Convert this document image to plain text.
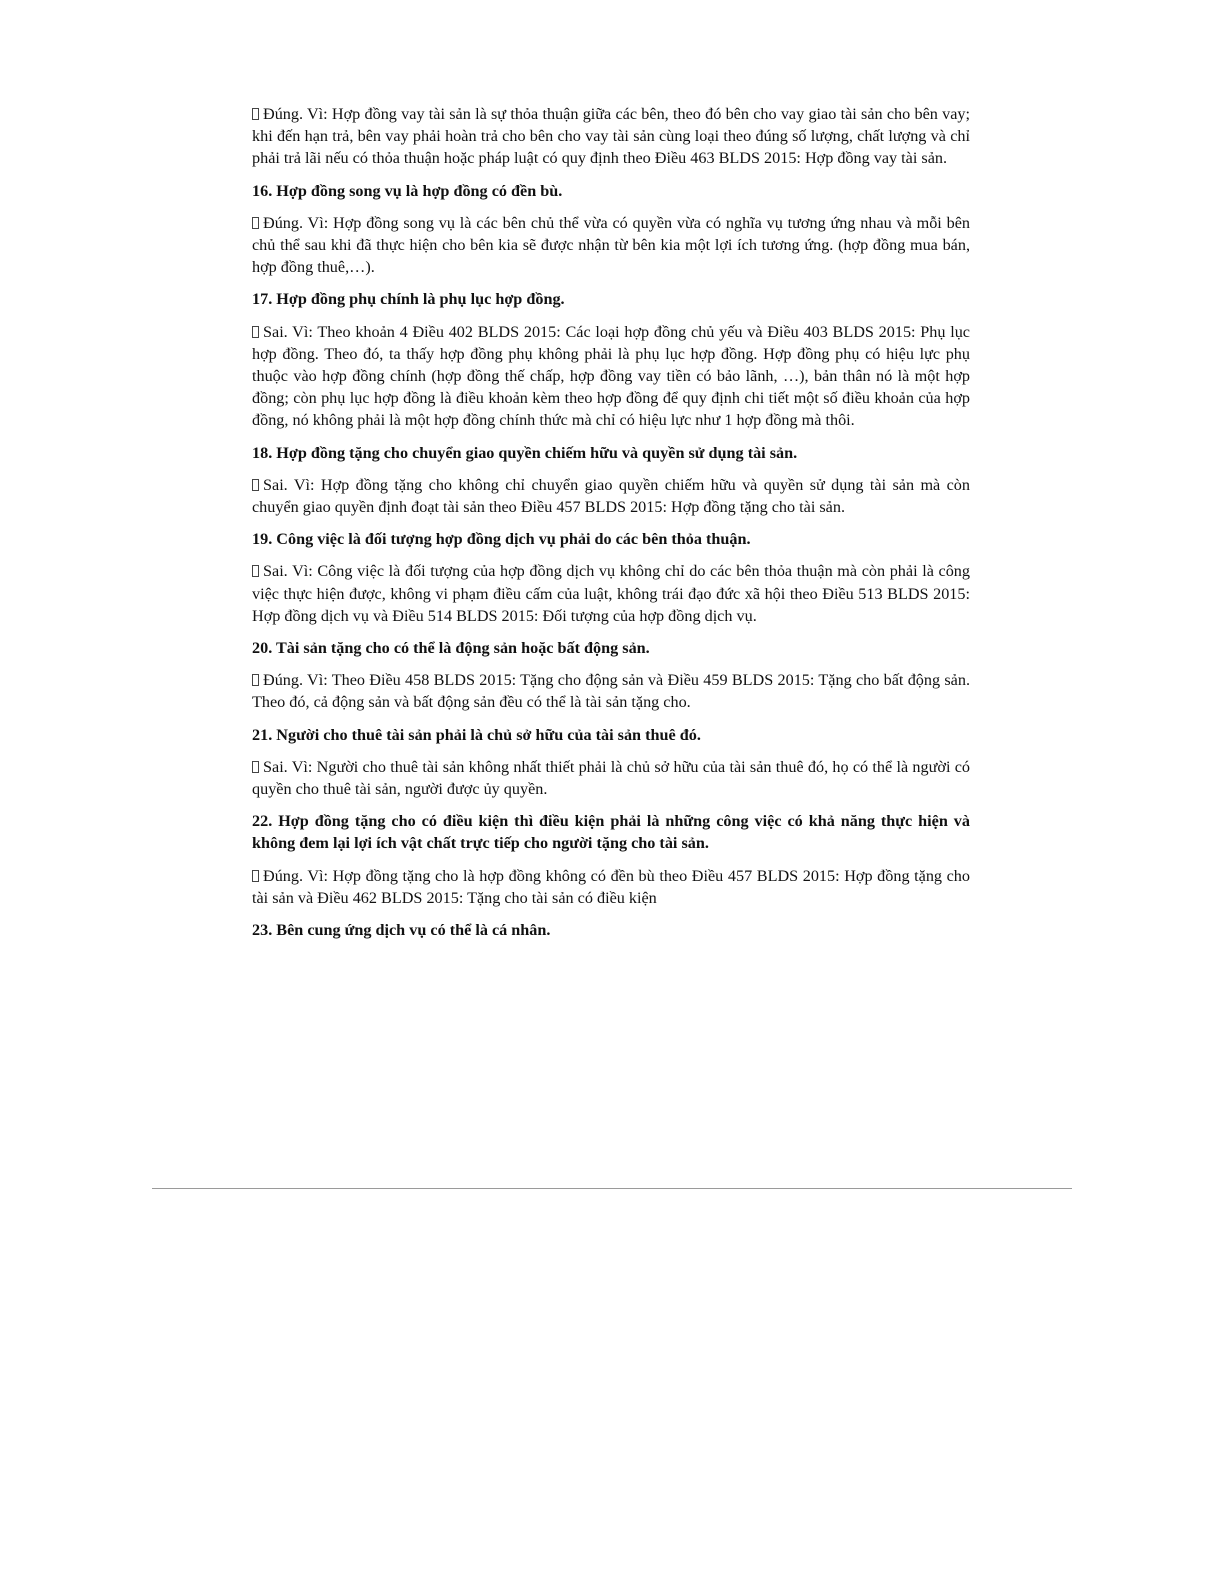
Đúng. Vì: Hợp đồng vay tài sản là sự thỏa thuận giữa các bên, theo đó bên cho vay giao tài sản cho bên vay; khi đến hạn trả, bên vay phải hoàn trả cho bên cho vay tài sản cùng loại theo đúng số lượng, chất lượng và chỉ phải trả lãi nếu có thỏa thuận hoặc pháp luật có quy định theo Điều 463 BLDS 2015: Hợp đồng vay tài sản.

16. Hợp đồng song vụ là hợp đồng có đền bù.

Đúng. Vì: Hợp đồng song vụ là các bên chủ thể vừa có quyền vừa có nghĩa vụ tương ứng nhau và mỗi bên chủ thể sau khi đã thực hiện cho bên kia sẽ được nhận từ bên kia một lợi ích tương ứng. (hợp đồng mua bán, hợp đồng thuê,…).

17. Hợp đồng phụ chính là phụ lục hợp đồng.

Sai. Vì: Theo khoản 4 Điều 402 BLDS 2015: Các loại hợp đồng chủ yếu và Điều 403 BLDS 2015: Phụ lục hợp đồng. Theo đó, ta thấy hợp đồng phụ không phải là phụ lục hợp đồng. Hợp đồng phụ có hiệu lực phụ thuộc vào hợp đồng chính (hợp đồng thế chấp, hợp đồng vay tiền có bảo lãnh, …), bản thân nó là một hợp đồng; còn phụ lục hợp đồng là điều khoản kèm theo hợp đồng để quy định chi tiết một số điều khoản của hợp đồng, nó không phải là một hợp đồng chính thức mà chỉ có hiệu lực như 1 hợp đồng mà thôi.

18. Hợp đồng tặng cho chuyển giao quyền chiếm hữu và quyền sử dụng tài sản.

Sai. Vì: Hợp đồng tặng cho không chỉ chuyển giao quyền chiếm hữu và quyền sử dụng tài sản mà còn chuyển giao quyền định đoạt tài sản theo Điều 457 BLDS 2015: Hợp đồng tặng cho tài sản.

19. Công việc là đối tượng hợp đồng dịch vụ phải do các bên thỏa thuận.

Sai. Vì: Công việc là đối tượng của hợp đồng dịch vụ không chỉ do các bên thỏa thuận mà còn phải là công việc thực hiện được, không vi phạm điều cấm của luật, không trái đạo đức xã hội theo Điều 513 BLDS 2015: Hợp đồng dịch vụ và Điều 514 BLDS 2015: Đối tượng của hợp đồng dịch vụ.

20. Tài sản tặng cho có thể là động sản hoặc bất động sản.

Đúng. Vì: Theo Điều 458 BLDS 2015: Tặng cho động sản và Điều 459 BLDS 2015: Tặng cho bất động sản. Theo đó, cả động sản và bất động sản đều có thể là tài sản tặng cho.

21. Người cho thuê tài sản phải là chủ sở hữu của tài sản thuê đó.

Sai. Vì: Người cho thuê tài sản không nhất thiết phải là chủ sở hữu của tài sản thuê đó, họ có thể là người có quyền cho thuê tài sản, người được ủy quyền.

22. Hợp đồng tặng cho có điều kiện thì điều kiện phải là những công việc có khả năng thực hiện và không đem lại lợi ích vật chất trực tiếp cho người tặng cho tài sản.

Đúng. Vì: Hợp đồng tặng cho là hợp đồng không có đền bù theo Điều 457 BLDS 2015: Hợp đồng tặng cho tài sản và Điều 462 BLDS 2015: Tặng cho tài sản có điều kiện

23. Bên cung ứng dịch vụ có thể là cá nhân.
